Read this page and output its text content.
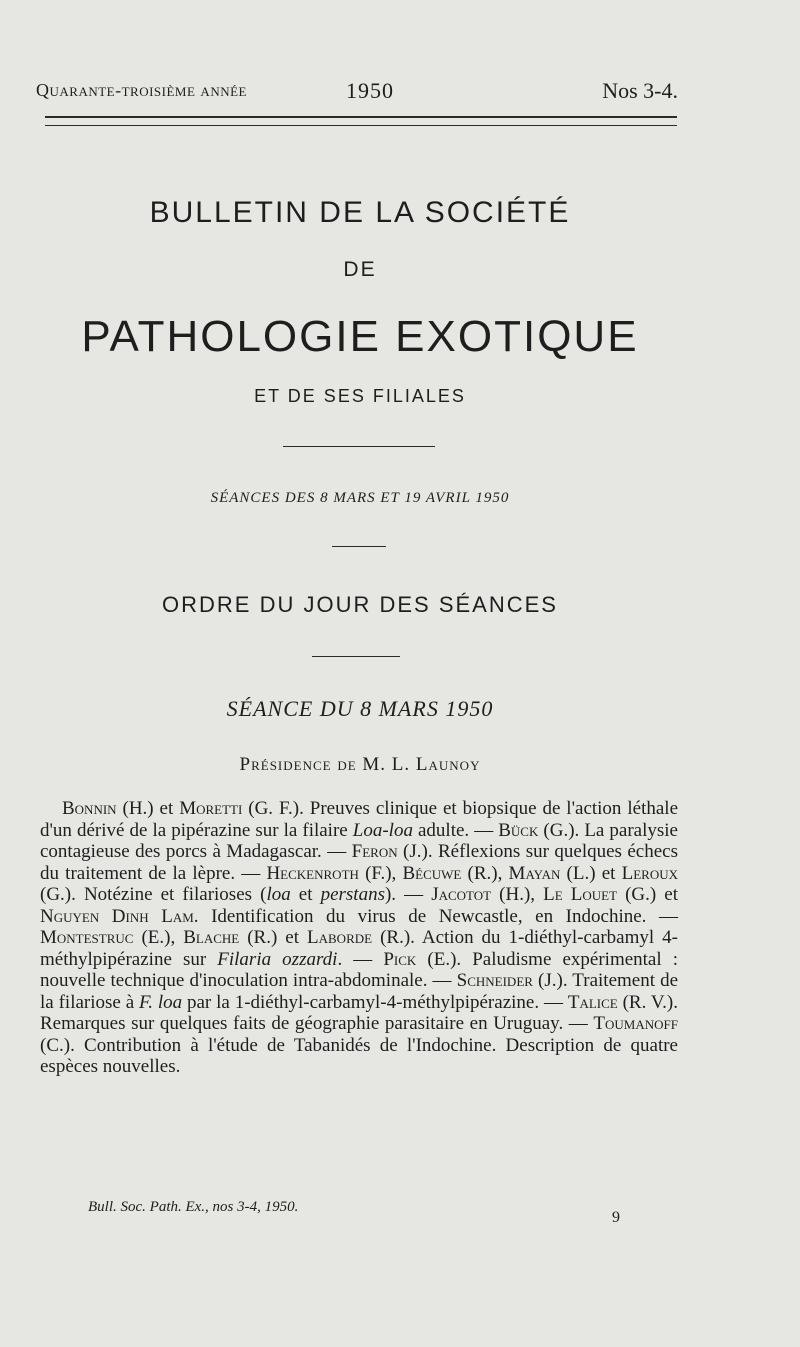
Quarante-troisième année	1950	Nos 3-4.
BULLETIN DE LA SOCIÉTÉ
DE
PATHOLOGIE EXOTIQUE
ET DE SES FILIALES
SÉANCES DES 8 MARS ET 19 AVRIL 1950
ORDRE DU JOUR DES SÉANCES
SÉANCE DU 8 MARS 1950
Présidence de M. L. Launoy

Bonnin (H.) et Moretti (G. F.). Preuves clinique et biopsique de l'action léthale d'un dérivé de la pipérazine sur la filaire Loa-loa adulte. — Bück (G.). La paralysie contagieuse des porcs à Madagascar. — Feron (J.). Réflexions sur quelques échecs du traitement de la lèpre. — Heckenroth (F.), Bécuwe (R.), Mayan (L.) et Leroux (G.). Notézine et filarioses (loa et perstans). — Jacotot (H.), Le Louet (G.) et Nguyen Dinh Lam. Identification du virus de Newcastle, en Indochine. — Montestruc (E.), Blache (R.) et Laborde (R.). Action du 1-diéthyl-carbamyl 4-méthylpipérazine sur Filaria ozzardi. — Pick (E.). Paludisme expérimental : nouvelle technique d'inoculation intra-abdominale. — Schneider (J.). Traitement de la filariose à F. loa par la 1-diéthyl-carbamyl-4-méthylpipérazine. — Talice (R. V.). Remarques sur quelques faits de géographie parasitaire en Uruguay. — Toumanoff (C.). Contribution à l'étude de Tabanidés de l'Indochine. Description de quatre espèces nouvelles.

Bull. Soc. Path. Ex., nos 3-4, 1950.
9
